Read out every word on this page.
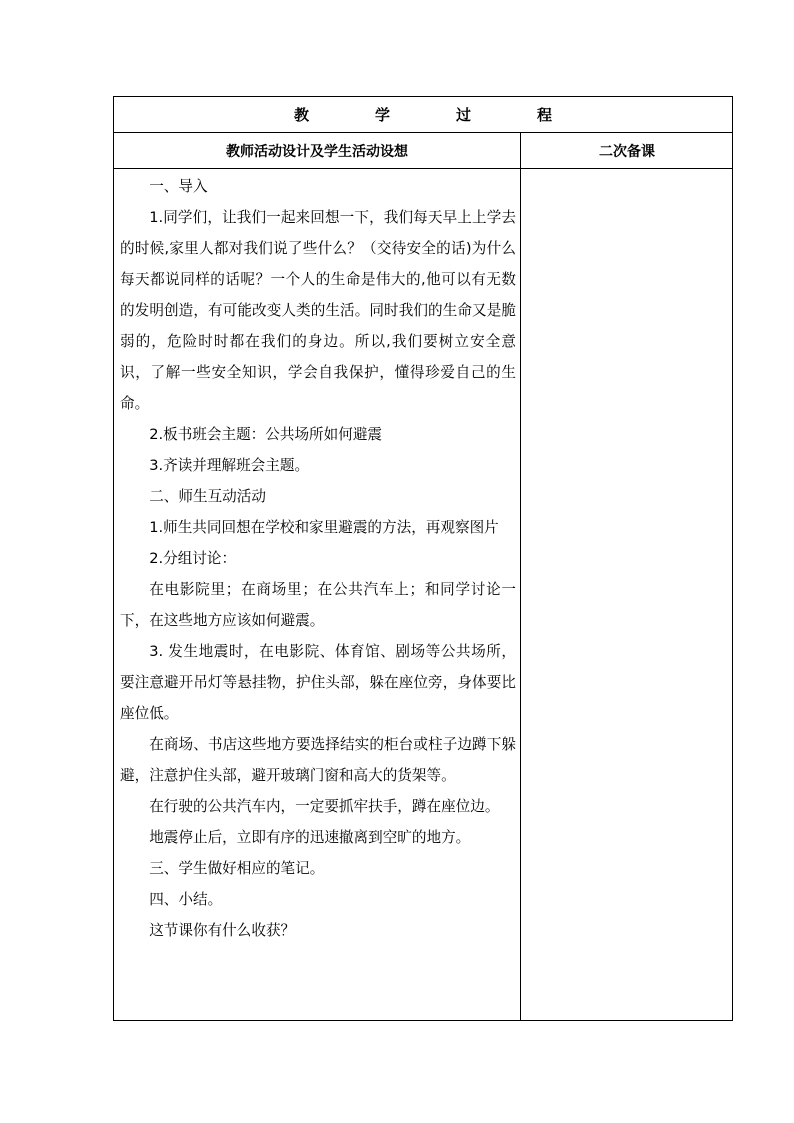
教	学	过	程
教师活动设计及学生活动设想	二次备课

一、导入

1.同学们，让我们一起来回想一下，我们每天早上上学去的时候,家里人都对我们说了些什么？（交待安全的话)为什么每天都说同样的话呢？一个人的生命是伟大的,他可以有无数的发明创造，有可能改变人类的生活。同时我们的生命又是脆弱的，危险时时都在我们的身边。所以,我们要树立安全意识，了解一些安全知识，学会自我保护，懂得珍爱自己的生命。

2.板书班会主题：公共场所如何避震

3.齐读并理解班会主题。

二、师生互动活动

1.师生共同回想在学校和家里避震的方法，再观察图片

2.分组讨论：

在电影院里；在商场里；在公共汽车上；和同学讨论一下，在这些地方应该如何避震。

3. 发生地震时，在电影院、体育馆、剧场等公共场所，要注意避开吊灯等悬挂物，护住头部，躲在座位旁，身体要比座位低。

在商场、书店这些地方要选择结实的柜台或柱子边蹲下躲避，注意护住头部，避开玻璃门窗和高大的货架等。

在行驶的公共汽车内，一定要抓牢扶手，蹲在座位边。

地震停止后，立即有序的迅速撤离到空旷的地方。

三、学生做好相应的笔记。

四、小结。

这节课你有什么收获？
